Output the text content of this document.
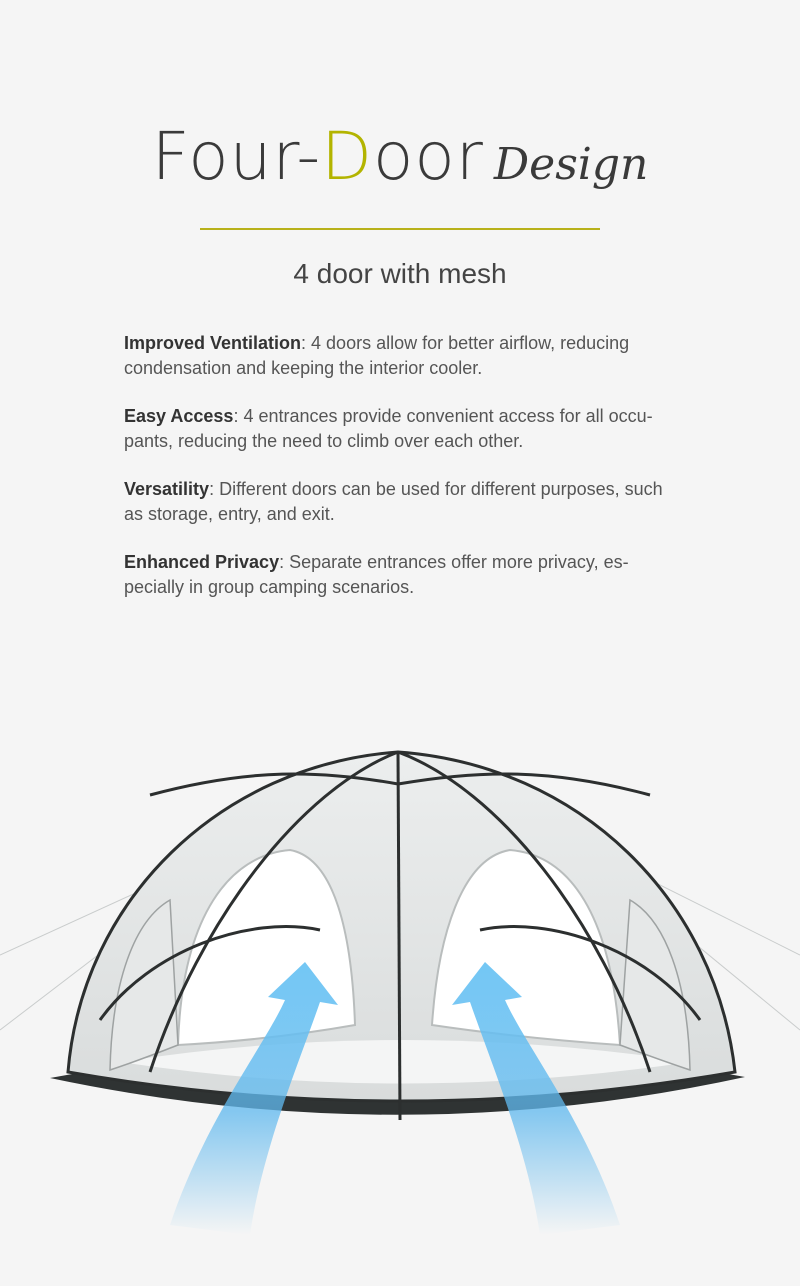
Four-Door Design
4 door with mesh

Improved Ventilation: 4 doors allow for better airflow, reducing condensation and keeping the interior cooler.

Easy Access: 4 entrances provide convenient access for all occu-pants, reducing the need to climb over each other.

Versatility: Different doors can be used for different purposes, such as storage, entry, and exit.

Enhanced Privacy: Separate entrances offer more privacy, es-pecially in group camping scenarios.
